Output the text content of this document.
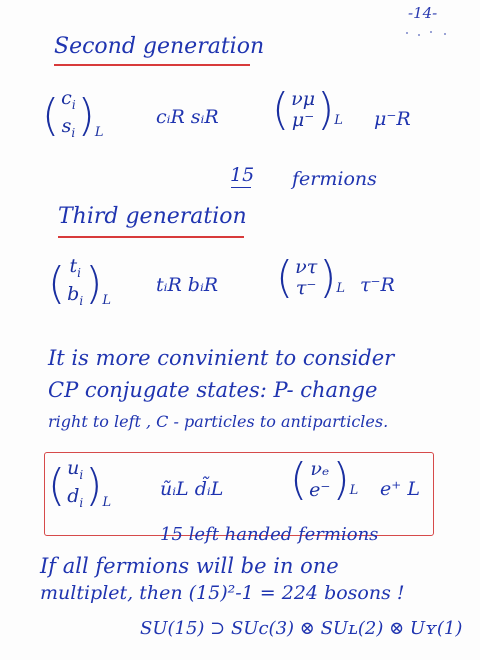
-14-
Second generation
( $c_i$
$s_i$ ) L
cᵢR sᵢR ( νμ
μ⁻ ) L μ⁻R
15 fermions
Third generation
( $t_i$
$b_i$ ) L
tᵢR bᵢR ( ντ
τ⁻ ) L τ⁻R
It is more convinient to consider
CP conjugate states: P- change
right to left , C - particles to antiparticles.
( $u_i$
$d_i$ ) L
ũᵢL d̃ᵢL ( νₑ
e⁻ ) L e⁺ L
15 left handed fermions
If all fermions will be in one
multiplet, then (15)²-1 = 224 bosons !
SU(15) ⊃ SUc(3) ⊗ SUʟ(2) ⊗ Uʏ(1)
